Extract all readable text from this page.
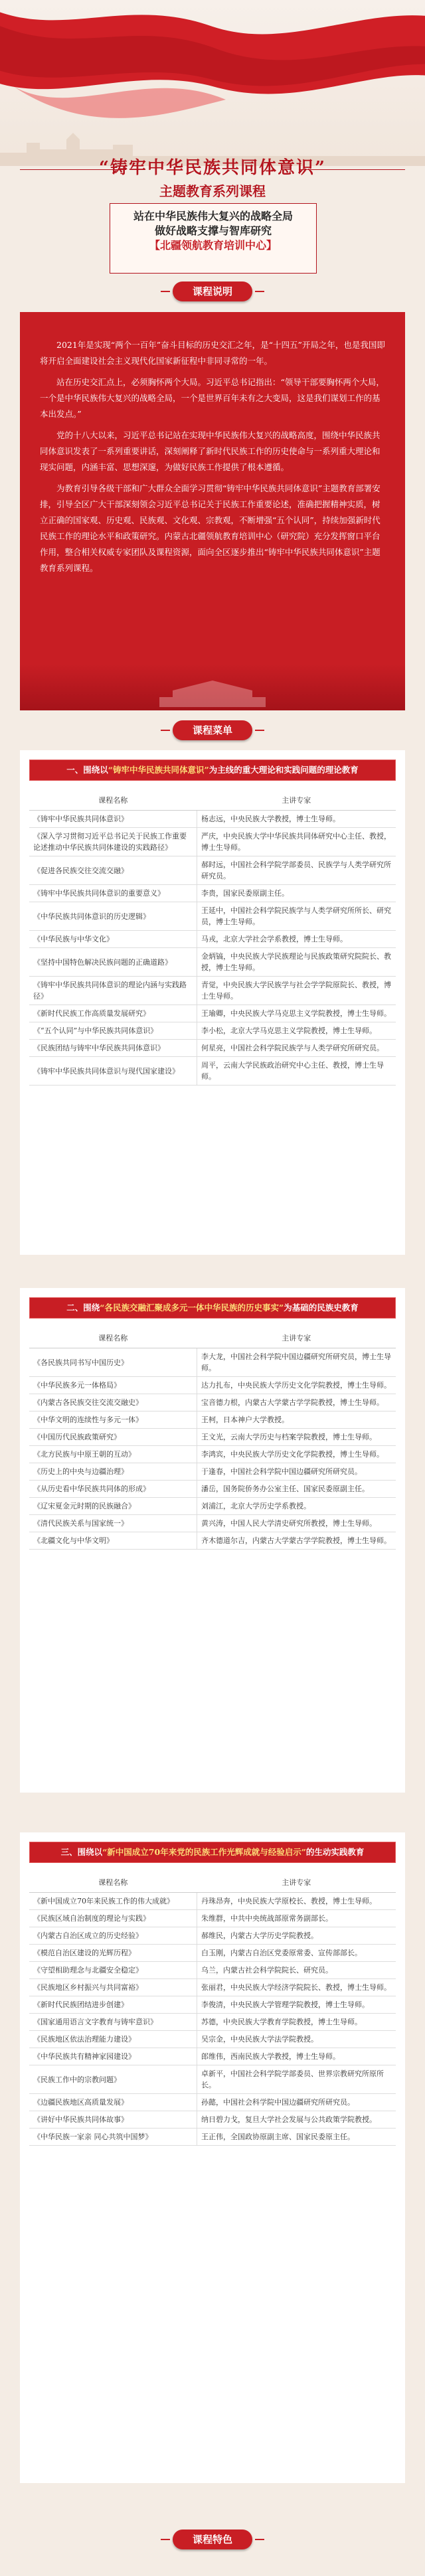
“铸牢中华民族共同体意识”
主题教育系列课程
站在中华民族伟大复兴的战略全局
做好战略支撑与智库研究
【北疆领航教育培训中心】
课程说明

2021年是实现“两个一百年”奋斗目标的历史交汇之年，是“十四五”开局之年，也是我国即将开启全面建设社会主义现代化国家新征程中非同寻常的一年。

站在历史交汇点上，必须胸怀两个大局。习近平总书记指出：“领导干部要胸怀两个大局，一个是中华民族伟大复兴的战略全局，一个是世界百年未有之大变局，这是我们谋划工作的基本出发点。”

党的十八大以来，习近平总书记站在实现中华民族伟大复兴的战略高度，围绕中华民族共同体意识发表了一系列重要讲话，深刻阐释了新时代民族工作的历史使命与一系列重大理论和现实问题，内涵丰富、思想深邃，为做好民族工作提供了根本遵循。

为教育引导各级干部和广大群众全面学习贯彻“铸牢中华民族共同体意识”主题教育部署安排，引导全区广大干部深刻领会习近平总书记关于民族工作重要论述，准确把握精神实质，树立正确的国家观、历史观、民族观、文化观、宗教观，不断增强“五个认同”，持续加强新时代民族工作的理论水平和政策研究。内蒙古北疆领航教育培训中心（研究院）充分发挥窗口平台作用，整合相关权威专家团队及课程资源，面向全区逐步推出“铸牢中华民族共同体意识”主题教育系列课程。

课程菜单
一、围绕以“铸牢中华民族共同体意识”为主线的重大理论和实践问题的理论教育
课程名称	主讲专家
《铸牢中华民族共同体意识》	杨志远，中央民族大学教授，博士生导师。
《深入学习贯彻习近平总书记关于民族工作重要论述推动中华民族共同体建设的实践路径》	严庆，中央民族大学中华民族共同体研究中心主任、教授，博士生导师。
《促进各民族交往交流交融》	郝时远，中国社会科学院学部委员、民族学与人类学研究所研究员。
《铸牢中华民族共同体意识的重要意义》	李贵，国家民委原副主任。
《中华民族共同体意识的历史逻辑》	王延中，中国社会科学院民族学与人类学研究所所长、研究员，博士生导师。
《中华民族与中华文化》	马戎，北京大学社会学系教授，博士生导师。
《坚持中国特色解决民族问题的正确道路》	金炳镐，中央民族大学民族理论与民族政策研究院院长、教授，博士生导师。
《铸牢中华民族共同体意识的理论内涵与实践路径》	青觉，中央民族大学民族学与社会学学院原院长、教授，博士生导师。
《新时代民族工作高质量发展研究》	王瑜卿，中央民族大学马克思主义学院教授，博士生导师。
《“五个认同”与中华民族共同体意识》	李小松，北京大学马克思主义学院教授，博士生导师。
《民族团结与铸牢中华民族共同体意识》	何星亮，中国社会科学院民族学与人类学研究所研究员。
《铸牢中华民族共同体意识与现代国家建设》	周平，云南大学民族政治研究中心主任、教授，博士生导师。
二、围绕“各民族交融汇聚成多元一体中华民族的历史事实”为基础的民族史教育
课程名称	主讲专家
《各民族共同书写中国历史》	李大龙，中国社会科学院中国边疆研究所研究员，博士生导师。
《中华民族多元一体格局》	达力扎布，中央民族大学历史文化学院教授，博士生导师。
《内蒙古各民族交往交流交融史》	宝音德力根，内蒙古大学蒙古学学院教授，博士生导师。
《中华文明的连续性与多元一体》	王柯，日本神户大学教授。
《中国历代民族政策研究》	王文光，云南大学历史与档案学院教授，博士生导师。
《北方民族与中原王朝的互动》	李鸿宾，中央民族大学历史文化学院教授，博士生导师。
《历史上的中央与边疆治理》	于逢春，中国社会科学院中国边疆研究所研究员。
《从历史看中华民族共同体的形成》	潘岳，国务院侨务办公室主任、国家民委原副主任。
《辽宋夏金元时期的民族融合》	刘浦江，北京大学历史学系教授。
《清代民族关系与国家统一》	黄兴涛，中国人民大学清史研究所教授，博士生导师。
《北疆文化与中华文明》	齐木德道尔吉，内蒙古大学蒙古学学院教授，博士生导师。
三、围绕以“新中国成立70年来党的民族工作光辉成就与经验启示”的生动实践教育
课程名称	主讲专家
《新中国成立70年来民族工作的伟大成就》	丹珠昂奔，中央民族大学原校长、教授，博士生导师。
《民族区域自治制度的理论与实践》	朱维群，中共中央统战部原常务副部长。
《内蒙古自治区成立的历史经验》	郝维民，内蒙古大学历史学院教授。
《模范自治区建设的光辉历程》	白玉刚，内蒙古自治区党委原常委、宣传部部长。
《守望相助理念与北疆安全稳定》	乌兰，内蒙古社会科学院院长、研究员。
《民族地区乡村振兴与共同富裕》	张丽君，中央民族大学经济学院院长、教授，博士生导师。
《新时代民族团结进步创建》	李俊清，中央民族大学管理学院教授，博士生导师。
《国家通用语言文字教育与铸牢意识》	苏德，中央民族大学教育学院教授，博士生导师。
《民族地区依法治理能力建设》	吴宗金，中央民族大学法学院教授。
《中华民族共有精神家园建设》	郎维伟，西南民族大学教授，博士生导师。
《民族工作中的宗教问题》	卓新平，中国社会科学院学部委员、世界宗教研究所原所长。
《边疆民族地区高质量发展》	孙懿，中国社会科学院中国边疆研究所研究员。
《讲好中华民族共同体故事》	纳日碧力戈，复旦大学社会发展与公共政策学院教授。
《中华民族一家亲 同心共筑中国梦》	王正伟，全国政协原副主席、国家民委原主任。
课程特色
